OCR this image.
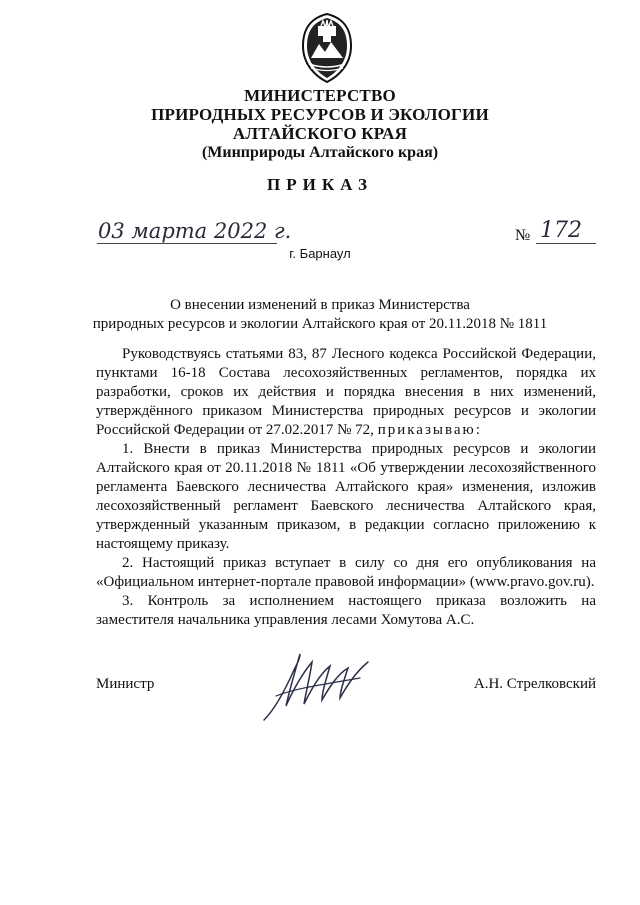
МИНИСТЕРСТВО
ПРИРОДНЫХ РЕСУРСОВ И ЭКОЛОГИИ
АЛТАЙСКОГО КРАЯ
(Минприроды Алтайского края)
ПРИКАЗ
03 марта 2022 г.	№ 172
г. Барнаул
О внесении изменений в приказ Министерства
природных ресурсов и экологии Алтайского края от 20.11.2018 № 1811

Руководствуясь статьями 83, 87 Лесного кодекса Российской Федерации, пунктами 16-18 Состава лесохозяйственных регламентов, порядка их разработки, сроков их действия и порядка внесения в них изменений, утверждённого приказом Министерства природных ресурсов и экологии Российской Федерации от 27.02.2017 № 72, приказываю:

1. Внести в приказ Министерства природных ресурсов и экологии Алтайского края от 20.11.2018 № 1811 «Об утверждении лесохозяйственного регламента Баевского лесничества Алтайского края» изменения, изложив лесохозяйственный регламент Баевского лесничества Алтайского края, утвержденный указанным приказом, в редакции согласно приложению к настоящему приказу.

2. Настоящий приказ вступает в силу со дня его опубликования на «Официальном интернет-портале правовой информации» (www.pravo.gov.ru).

3. Контроль за исполнением настоящего приказа возложить на заместителя начальника управления лесами Хомутова А.С.

Министр	А.Н. Стрелковский
